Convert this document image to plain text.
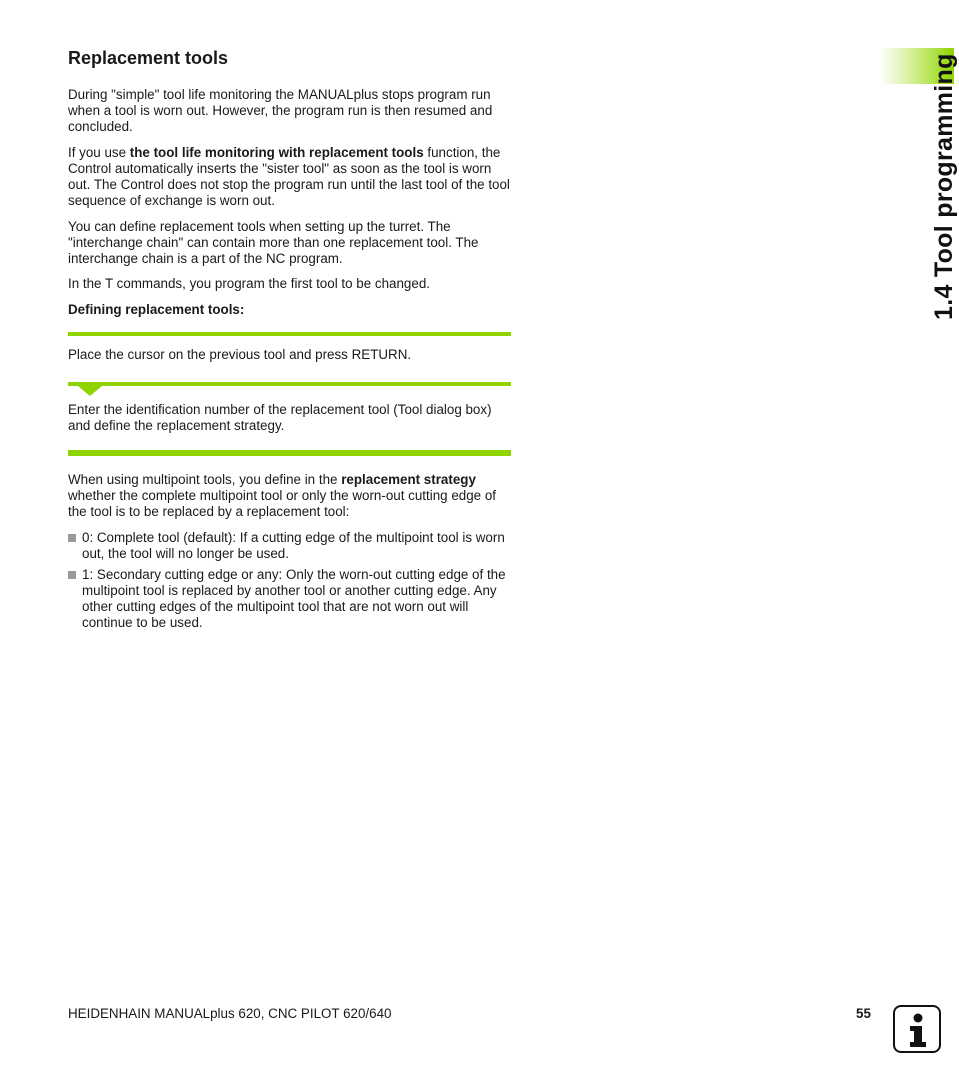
Replacement tools

During "simple" tool life monitoring the MANUALplus stops program run when a tool is worn out. However, the program run is then resumed and concluded.

If you use the tool life monitoring with replacement tools function, the Control automatically inserts the "sister tool" as soon as the tool is worn out. The Control does not stop the program run until the last tool of the tool sequence of exchange is worn out.

You can define replacement tools when setting up the turret. The "interchange chain" can contain more than one replacement tool. The interchange chain is a part of the NC program.

In the T commands, you program the first tool to be changed.

Defining replacement tools:

Place the cursor on the previous tool and press RETURN.

Enter the identification number of the replacement tool (Tool dialog box) and define the replacement strategy.

When using multipoint tools, you define in the replacement strategy whether the complete multipoint tool or only the worn-out cutting edge of the tool is to be replaced by a replacement tool:

0: Complete tool (default): If a cutting edge of the multipoint tool is worn out, the tool will no longer be used.
1: Secondary cutting edge or any: Only the worn-out cutting edge of the multipoint tool is replaced by another tool or another cutting edge. Any other cutting edges of the multipoint tool that are not worn out will continue to be used.
1.4 Tool programming
HEIDENHAIN MANUALplus 620, CNC PILOT 620/640	55
